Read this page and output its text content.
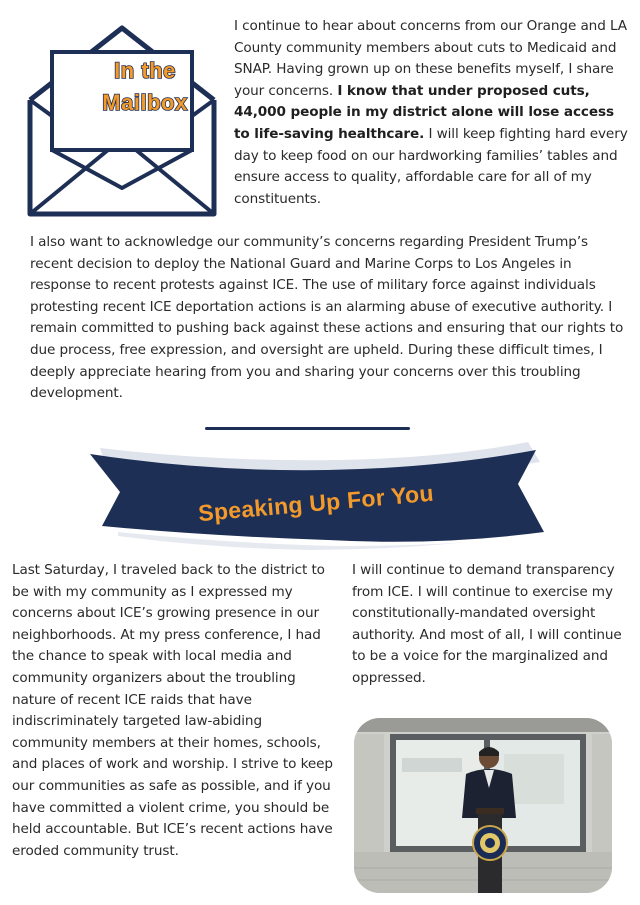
In the
Mailbox
I continue to hear about concerns from our Orange and LA County community members about cuts to Medicaid and SNAP. Having grown up on these benefits myself, I share your concerns. I know that under proposed cuts, 44,000 people in my district alone will lose access to life-saving healthcare. I will keep fighting hard every day to keep food on our hardworking families’ tables and ensure access to quality, affordable care for all of my constituents.
I also want to acknowledge our community’s concerns regarding President Trump’s recent decision to deploy the National Guard and Marine Corps to Los Angeles in response to recent protests against ICE. The use of military force against individuals protesting recent ICE deportation actions is an alarming abuse of executive authority. I remain committed to pushing back against these actions and ensuring that our rights to due process, free expression, and oversight are upheld. During these difficult times, I deeply appreciate hearing from you and sharing your concerns over this troubling development.
Speaking Up For You
Last Saturday, I traveled back to the district to be with my community as I expressed my concerns about ICE’s growing presence in our neighborhoods. At my press conference, I had the chance to speak with local media and community organizers about the troubling nature of recent ICE raids that have indiscriminately targeted law-abiding community members at their homes, schools, and places of work and worship. I strive to keep our communities as safe as possible, and if you have committed a violent crime, you should be held accountable. But ICE’s recent actions have eroded community trust.
I will continue to demand transparency from ICE. I will continue to exercise my constitutionally-mandated oversight authority. And most of all, I will continue to be a voice for the marginalized and oppressed.
